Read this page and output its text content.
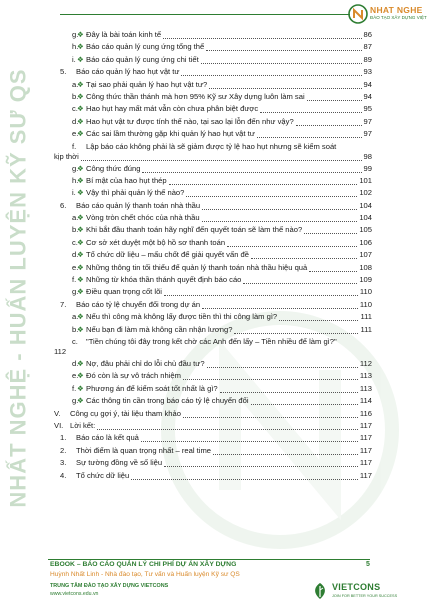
NHAT NGHE
ĐÀO TẠO XÂY DỰNG VIỆT
NHẤT NGHỆ - HUẤN LUYỆN KỸ SƯ QS
g.
❖ Đây là bài toán kinh tế	86
h.
❖ Báo cáo quản lý cung ứng tổng thể	87
i. ❖ Báo cáo quản lý cung ứng chi tiết	89
5. Báo cáo quản lý hao hụt vật tư	93
a.
❖ Tại sao phải quản lý hao hụt vật tư?	94
b.
❖ Công thức thần thánh mà hơn 95% Kỹ sư Xây dựng luôn làm sai	94
c. ❖ Hao hụt hay mất mát vẫn còn chưa phân biệt được	95
d.
❖ Hao hụt vật tư được tính thế nào, tại sao lại lỗn đến như vậy?	97
e.
❖ Các sai lầm thường gặp khi quản lý hao hụt vật tư	97
f. Lập báo cáo không phải là sẽ giảm được tỷ lệ hao hụt nhưng sẽ kiểm soát
kịp thời	98
g.
❖ Công thức đúng	99
h.
❖ Bí mật của hao hụt thép	101
i. ❖ Vậy thì phải quản lý thế nào?	102
6. Báo cáo quản lý thanh toán nhà thầu	104
a.
❖ Vòng tròn chết chóc của nhà thầu	104
b.
❖ Khi bắt đầu thanh toán hãy nghĩ đến quyết toán sẽ làm thế nào?	105
c. ❖ Cơ sở xét duyệt một bộ hồ sơ thanh toán	106
d.
❖ Tổ chức dữ liệu – mấu chốt để giải quyết vấn đề	107
e.
❖ Những thông tin tối thiểu để quản lý thanh toán nhà thầu hiệu quả	108
f. ❖ Những từ khóa thần thánh quyết định báo cáo	109
g.
❖ Điều quan trọng cốt lõi	110
7. Báo cáo tỷ lệ chuyển đổi trong dự án	110
a.
❖ Nếu thì công mà không lấy được tiền thì thi công làm gì?	111
b.
❖ Nếu bạn đi làm mà không cần nhận lương?	111
c. "Tiền chúng tôi đây trong kết chờ các Anh đến lấy – Tiền nhiều để làm gì?"
112
d.
❖ Nợ, đâu phải chỉ do lỗi chủ đầu tư?	112
e.
❖ Đó còn là sự vô trách nhiệm	113
f. ❖ Phương án để kiểm soát tốt nhất là gì?	113
g.
❖ Các thông tin cần trong báo cáo tỷ lệ chuyển đổi	114
V. Công cụ gợi ý, tài liệu tham khảo	116
VI. Lời kết:	117
1. Báo cáo là kết quả	117
2. Thời điểm là quan trọng nhất – real time	117
3. Sự tường đồng về số liệu	117
4. Tổ chức dữ liệu	117
EBOOK – BÁO CÁO QUẢN LÝ CHI PHÍ DỰ ÁN XÂY DỰNG	5
Huỳnh Nhất Linh - Nhà đào tạo, Tư vấn và Huấn luyện Kỹ sư QS
TRUNG TÂM ĐÀO TẠO XÂY DỰNG VIETCONS
www.vietcons.edu.vn
VIETCONS
JOIN FOR BETTER YOUR SUCCESS
